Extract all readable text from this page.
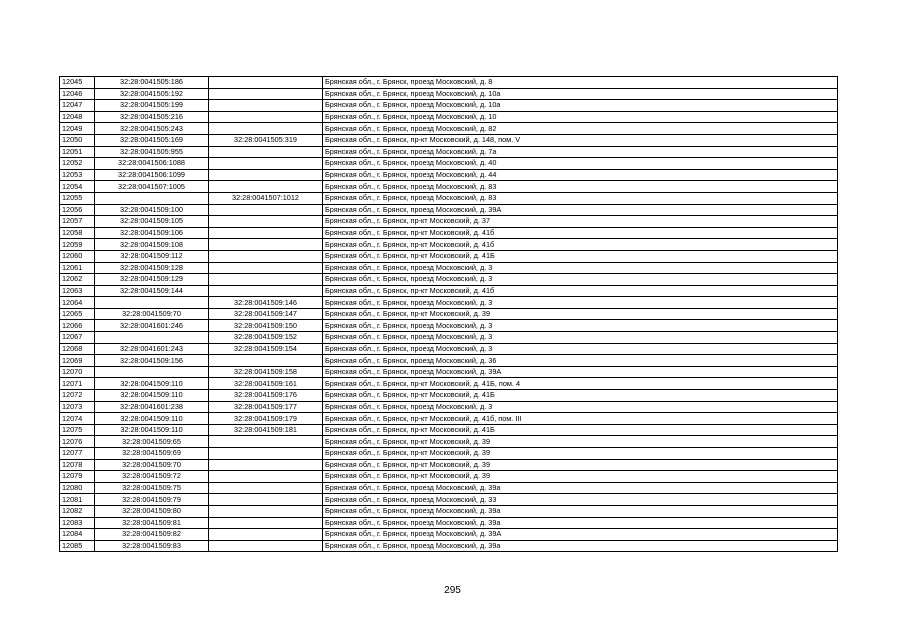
12045	32:28:0041505:186		Брянская обл., г. Брянск, проезд Московский, д. 8
12046	32:28:0041505:192		Брянская обл., г. Брянск, проезд Московский, д. 10а
12047	32:28:0041505:199		Брянская обл., г. Брянск, проезд Московский, д. 10а
12048	32:28:0041505:216		Брянская обл., г. Брянск, проезд Московский, д. 10
12049	32:28:0041505:243		Брянская обл., г. Брянск, проезд Московский, д. 82
12050	32:28:0041505:169	32:28:0041505:319	Брянская обл., г. Брянск, пр-кт Московский, д. 148, пом. V
12051	32:28:0041505:955		Брянская обл., г. Брянск, проезд Московский, д. 7а
12052	32:28:0041506:1088		Брянская обл., г. Брянск, проезд Московский, д. 40
12053	32:28:0041506:1099		Брянская обл., г. Брянск, проезд Московский, д. 44
12054	32:28:0041507:1005		Брянская обл., г. Брянск, проезд Московский, д. 83
12055		32:28:0041507:1012	Брянская обл., г. Брянск, проезд Московский, д. 83
12056	32:28:0041509:100		Брянская обл., г. Брянск, проезд Московский, д. 39А
12057	32:28:0041509:105		Брянская обл., г. Брянск, пр-кт Московский, д. 37
12058	32:28:0041509:106		Брянская обл., г. Брянск, пр-кт Московский, д. 41б
12059	32:28:0041509:108		Брянская обл., г. Брянск, пр-кт Московский, д. 41б
12060	32:28:0041509:112		Брянская обл., г. Брянск, пр-кт Московский, д. 41Б
12061	32:28:0041509:128		Брянская обл., г. Брянск, проезд Московский, д. 3
12062	32:28:0041509:129		Брянская обл., г. Брянск, проезд Московский, д. 3
12063	32:28:0041509:144		Брянская обл., г. Брянск, пр-кт Московский, д. 41б
12064		32:28:0041509:146	Брянская обл., г. Брянск, проезд Московский, д. 3
12065	32:28:0041509:70	32:28:0041509:147	Брянская обл., г. Брянск, пр-кт Московский, д. 39
12066	32:28:0041601:246	32:28:0041509:150	Брянская обл., г. Брянск, проезд Московский, д. 3
12067		32:28:0041509:152	Брянская обл., г. Брянск, проезд Московский, д. 3
12068	32:28:0041601:243	32:28:0041509:154	Брянская обл., г. Брянск, проезд Московский, д. 3
12069	32:28:0041509:156		Брянская обл., г. Брянск, проезд Московский, д. 36
12070		32:28:0041509:158	Брянская обл., г. Брянск, проезд Московский, д. 39А
12071	32:28:0041509:110	32:28:0041509:161	Брянская обл., г. Брянск, пр-кт Московский, д. 41Б, пом. 4
12072	32:28:0041509:110	32:28:0041509:176	Брянская обл., г. Брянск, пр-кт Московский, д. 41Б
12073	32:28:0041601:238	32:28:0041509:177	Брянская обл., г. Брянск, проезд Московский, д. 3
12074	32:28:0041509:110	32:28:0041509:179	Брянская обл., г. Брянск, пр-кт Московский, д. 41б, пом. III
12075	32:28:0041509:110	32:28:0041509:181	Брянская обл., г. Брянск, пр-кт Московский, д. 41Б
12076	32:28:0041509:65		Брянская обл., г. Брянск, пр-кт Московский, д. 39
12077	32:28:0041509:69		Брянская обл., г. Брянск, пр-кт Московский, д. 39
12078	32:28:0041509:70		Брянская обл., г. Брянск, пр-кт Московский, д. 39
12079	32:28:0041509:72		Брянская обл., г. Брянск, пр-кт Московский, д. 39
12080	32:28:0041509:75		Брянская обл., г. Брянск, проезд Московский, д. 39а
12081	32:28:0041509:79		Брянская обл., г. Брянск, проезд Московский, д. 33
12082	32:28:0041509:80		Брянская обл., г. Брянск, проезд Московский, д. 39а
12083	32:28:0041509:81		Брянская обл., г. Брянск, проезд Московский, д. 39а
12084	32:28:0041509:82		Брянская обл., г. Брянск, проезд Московский, д. 39А
12085	32:28:0041509:83		Брянская обл., г. Брянск, проезд Московский, д. 39а
295
